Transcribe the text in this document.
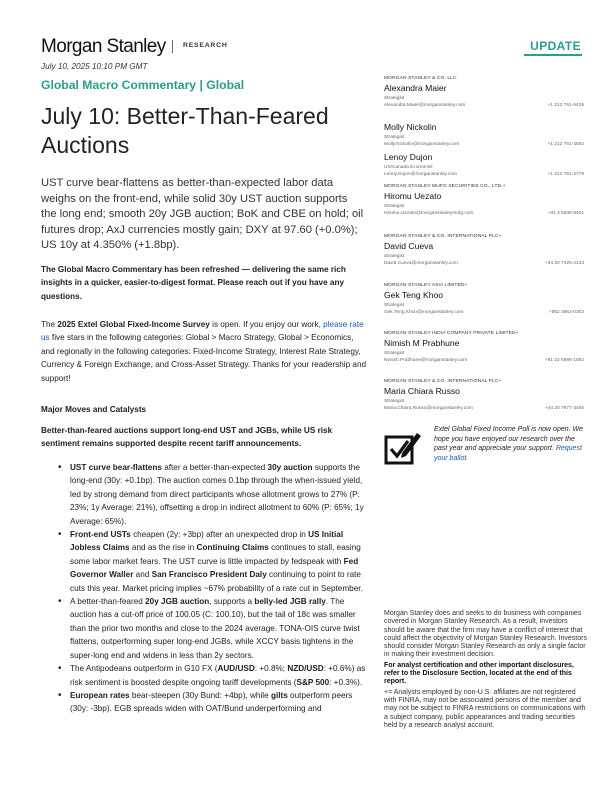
Morgan Stanley	RESEARCH	UPDATE
July 10, 2025 10:10 PM GMT
Global Macro Commentary | Global
July 10: Better-Than-Feared Auctions

UST curve bear-flattens as better-than-expected labor data weighs on the front-end, while solid 30y UST auction supports the long end; smooth 20y JGB auction; BoK and CBE on hold; oil futures drop; AxJ currencies mostly gain; DXY at 97.60 (+0.0%); US 10y at 4.350% (+1.8bp).

The Global Macro Commentary has been refreshed — delivering the same rich insights in a quicker, easier-to-digest format. Please reach out if you have any questions.

The 2025 Extel Global Fixed-Income Survey is open. If you enjoy our work, please rate us five stars in the following categories: Global > Macro Strategy, Global > Economics, and regionally in the following categories: Fixed-Income Strategy, Interest Rate Strategy, Currency & Foreign Exchange, and Cross-Asset Strategy. Thanks for your readership and support!

Major Moves and Catalysts

Better-than-feared auctions support long-end UST and JGBs, while US risk sentiment remains supported despite recent tariff announcements.

• UST curve bear-flattens after a better-than-expected 30y auction supports the long-end (30y: +0.1bp). The auction comes 0.1bp through the when-issued yield, led by strong demand from direct participants whose allotment grows to 27% (P: 23%; 1y Average: 21%), offsetting a drop in indirect allotment to 60% (P: 65%; 1y Average: 65%).
• Front-end USTs cheapen (2y: +3bp) after an unexpected drop in US Initial Jobless Claims and as the rise in Continuing Claims continues to stall, easing some labor market fears. The UST curve is little impacted by fedspeak with Fed Governor Waller and San Francisco President Daly continuing to point to rate cuts this year. Market pricing implies ~67% probability of a rate cut in September.
• A better-than-feared 20y JGB auction, supports a belly-led JGB rally. The auction has a cut-off price of 100.05 (C: 100.10), but the tail of 18c was smaller than the prior two months and close to the 2024 average. TONA-OIS curve twist flattens, outperforming super long-end JGBs, while XCCY basis tightens in the super-long end and widens in less than 2y sectors.
• The Antipodeans outperform in G10 FX (AUD/USD: +0.8%; NZD/USD: +0.6%) as risk sentiment is boosted despite ongoing tariff developments (S&P 500: +0.3%).
• European rates bear-steepen (30y Bund: +4bp), while gilts outperform peers (30y: -3bp). EGB spreads widen with OAT/Bund underperforming and
MORGAN STANLEY & CO. LLC
Alexandra Maier
Strategist
Alexandra.Maier@morganstanley.com	+1 212 761-6426
Molly Nickolin
Strategist
Molly.Nickolin@morganstanley.com	+1 212 761-3592
Lenoy Dujon
US/Canada Economist
Lenoy.Dujon@morganstanley.com	+1 212 761-2779
MORGAN STANLEY MUFG SECURITIES CO., LTD.+
Hiromu Uezato
Strategist
Hiromu.Uezato@morganstanleymufg.com	+81 3 6836-8401
MORGAN STANLEY & CO. INTERNATIONAL PLC+
David Cueva
Strategist
David.Cueva@morganstanley.com	+44 20 7425-2143
MORGAN STANLEY ASIA LIMITED+
Gek Teng Khoo
Strategist
Gek.Teng.Khoo@morganstanley.com	+852 3963-0303
MORGAN STANLEY INDIA COMPANY PRIVATE LIMITED+
Nimish M Prabhune
Strategist
Nimish.Prabhune@morganstanley.com	+91 22 6996-1062
MORGAN STANLEY & CO. INTERNATIONAL PLC+
Maria Chiara Russo
Strategist
Maria.Chiara.Russo@morganstanley.com	+44 20 7677-3495
Extel Global Fixed Income Poll is now open. We hope you have enjoyed our research over the past year and appreciate your support. Request your ballot.

Morgan Stanley does and seeks to do business with companies covered in Morgan Stanley Research. As a result, investors should be aware that the firm may have a conflict of interest that could affect the objectivity of Morgan Stanley Research. Investors should consider Morgan Stanley Research as only a single factor in making their investment decision.

For analyst certification and other important disclosures, refer to the Disclosure Section, located at the end of this report.

+= Analysts employed by non-U.S. affiliates are not registered with FINRA, may not be associated persons of the member and may not be subject to FINRA restrictions on communications with a subject company, public appearances and trading securities held by a research analyst account.
